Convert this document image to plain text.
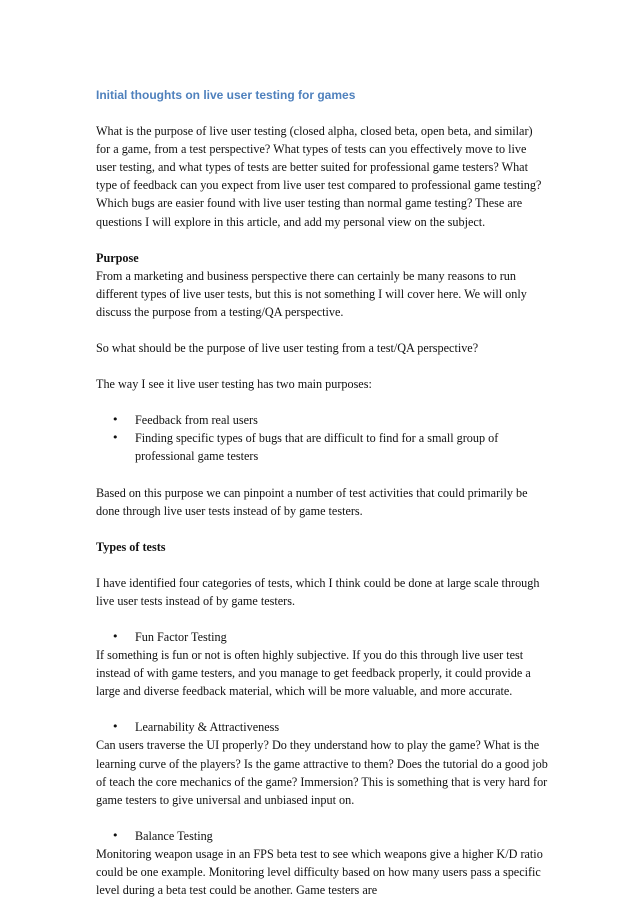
Initial thoughts on live user testing for games

What is the purpose of live user testing (closed alpha, closed beta, open beta, and similar) for a game, from a test perspective? What types of tests can you effectively move to live user testing, and what types of tests are better suited for professional game testers? What type of feedback can you expect from live user test compared to professional game testing? Which bugs are easier found with live user testing than normal game testing? These are questions I will explore in this article, and add my personal view on the subject.

Purpose

From a marketing and business perspective there can certainly be many reasons to run different types of live user tests, but this is not something I will cover here. We will only discuss the purpose from a testing/QA perspective.

So what should be the purpose of live user testing from a test/QA perspective?

The way I see it live user testing has two main purposes:

• Feedback from real users
• Finding specific types of bugs that are difficult to find for a small group of professional game testers

Based on this purpose we can pinpoint a number of test activities that could primarily be done through live user tests instead of by game testers.

Types of tests

I have identified four categories of tests, which I think could be done at large scale through live user tests instead of by game testers.

• Fun Factor Testing

If something is fun or not is often highly subjective. If you do this through live user test instead of with game testers, and you manage to get feedback properly, it could provide a large and diverse feedback material, which will be more valuable, and more accurate.

• Learnability & Attractiveness

Can users traverse the UI properly? Do they understand how to play the game? What is the learning curve of the players? Is the game attractive to them? Does the tutorial do a good job of teach the core mechanics of the game? Immersion? This is something that is very hard for game testers to give universal and unbiased input on.

• Balance Testing

Monitoring weapon usage in an FPS beta test to see which weapons give a higher K/D ratio could be one example. Monitoring level difficulty based on how many users pass a specific level during a beta test could be another. Game testers are
